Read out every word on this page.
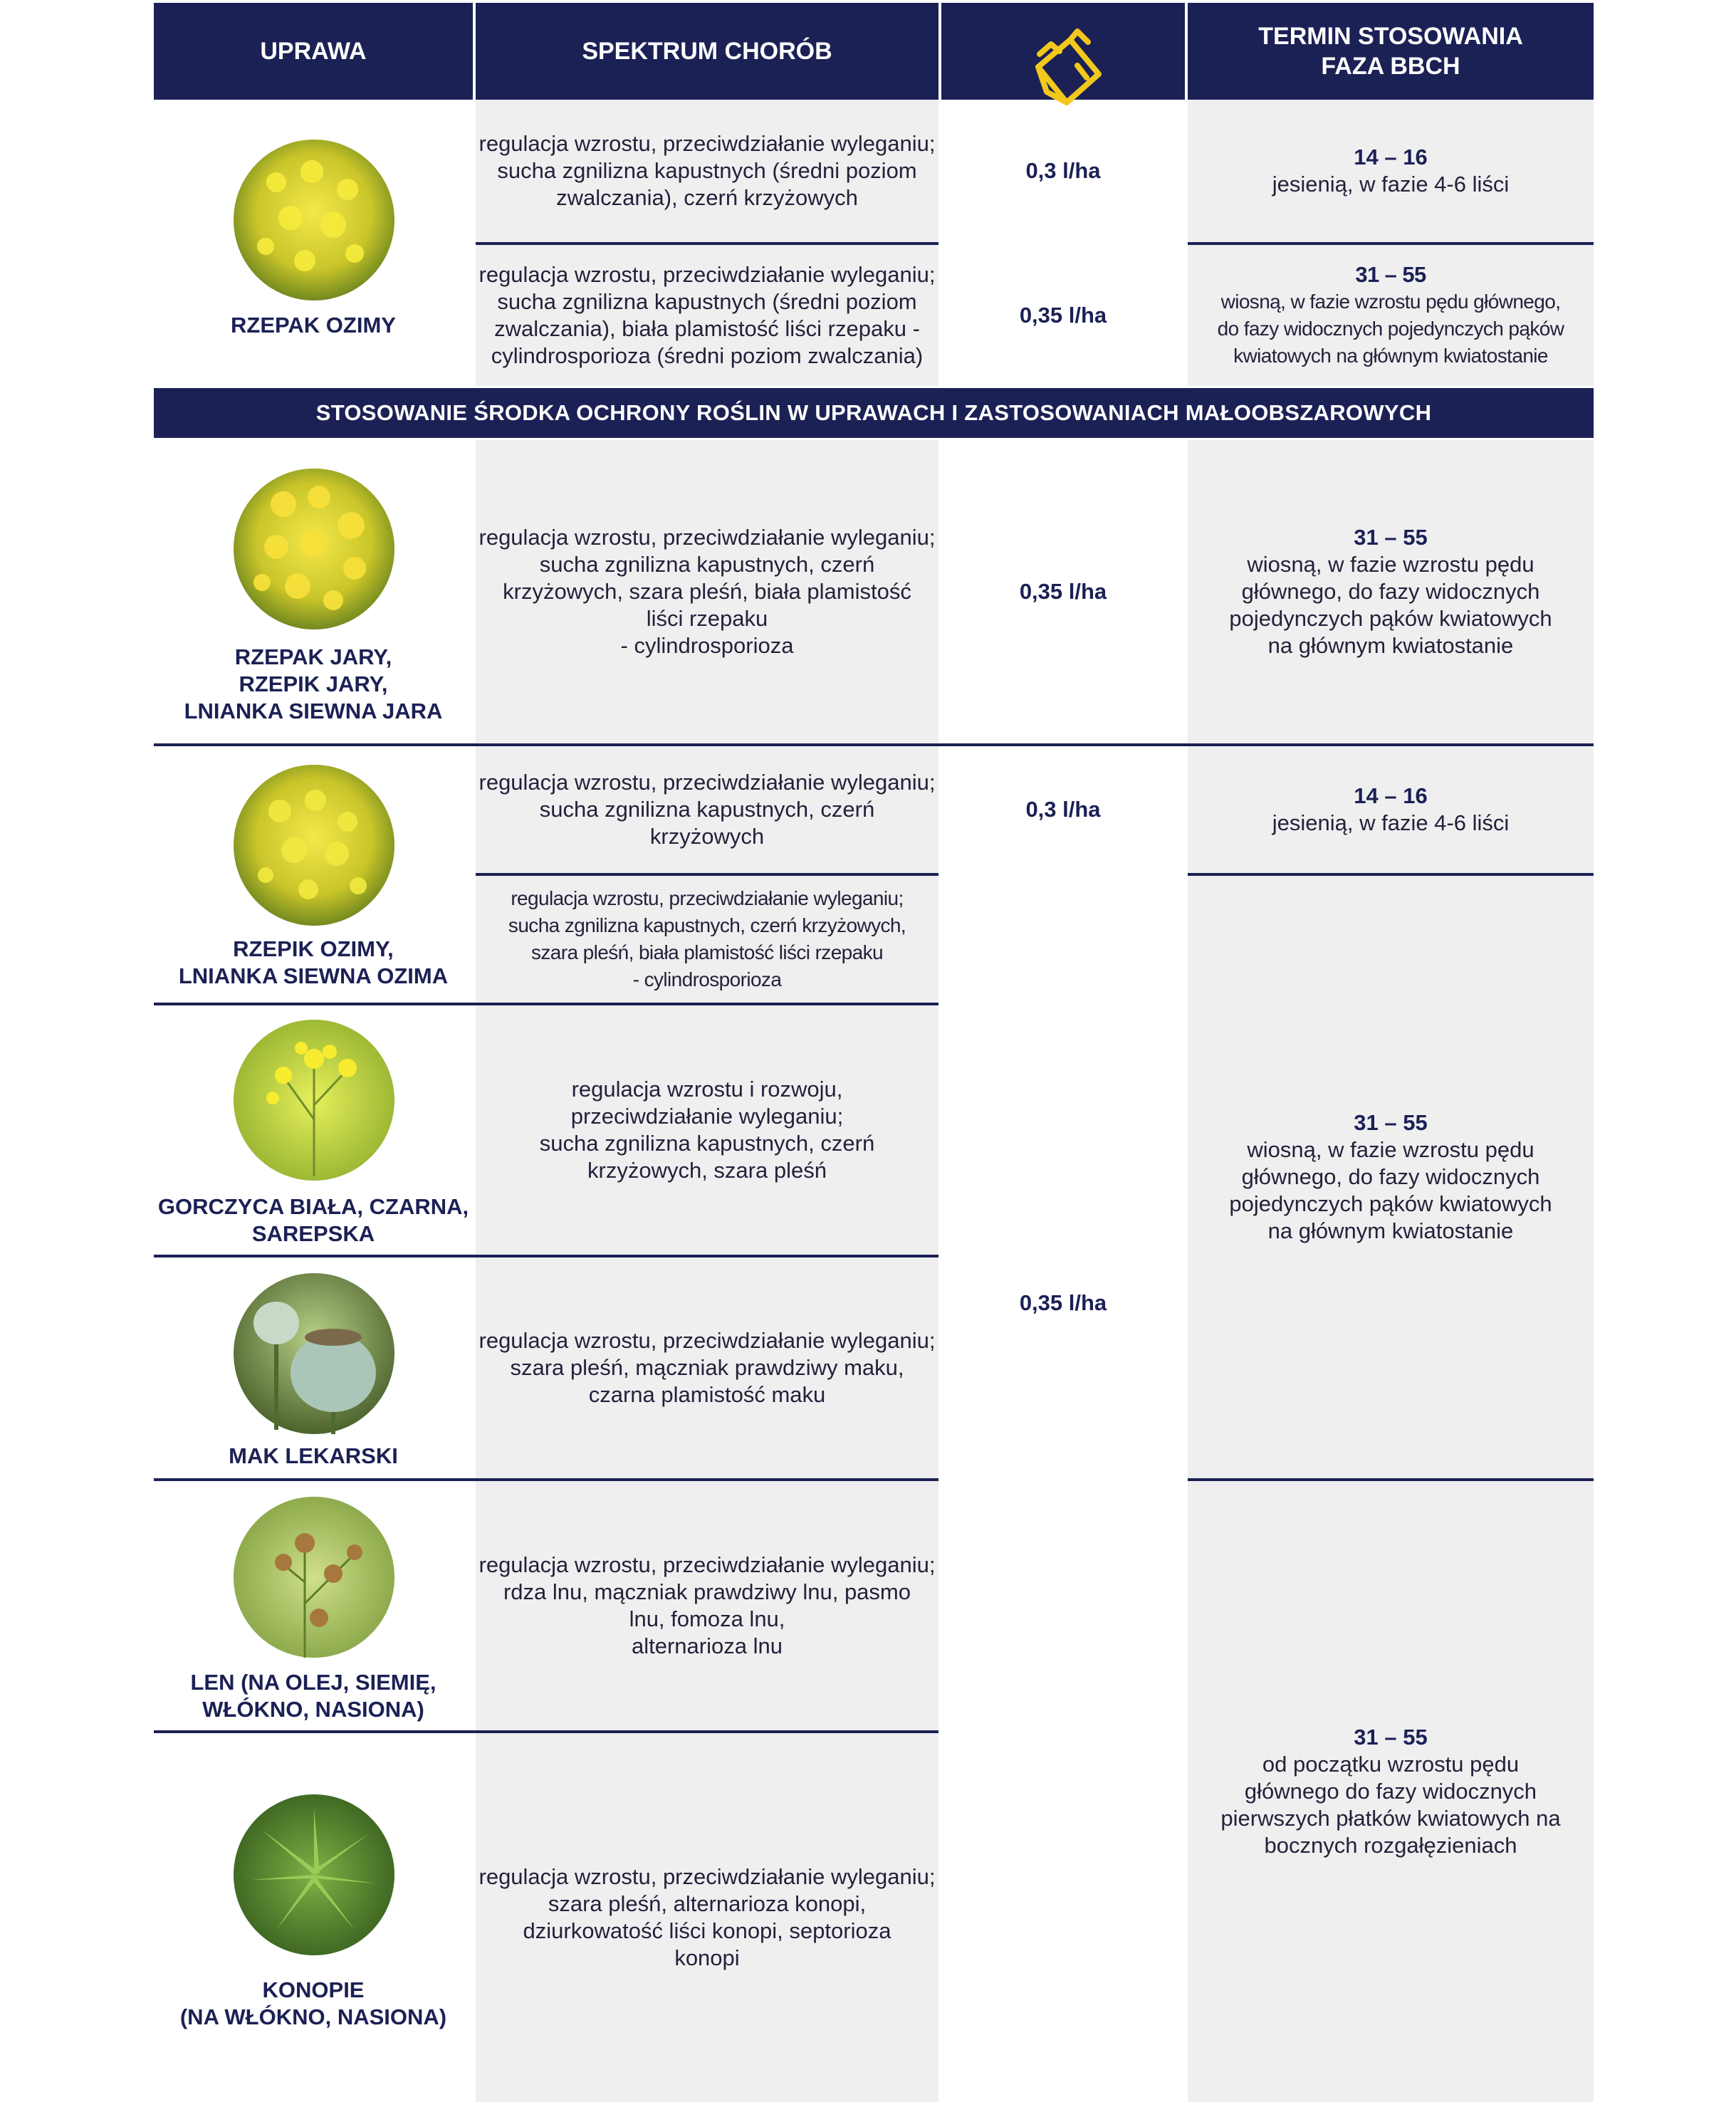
UPRAWA	SPEKTRUM CHORÓB
TERMIN STOSOWANIA
FAZA BBCH
RZEPAK OZIMY
regulacja wzrostu, przeciwdziałanie wyleganiu;
sucha zgnilizna kapustnych (średni poziom
zwalczania), czerń krzyżowych
0,3 l/ha
14 – 16
jesienią, w fazie 4-6 liści
regulacja wzrostu, przeciwdziałanie wyleganiu;
sucha zgnilizna kapustnych (średni poziom
zwalczania), biała plamistość liści rzepaku -
cylindrosporioza (średni poziom zwalczania)
0,35 l/ha
31 – 55
wiosną, w fazie wzrostu pędu głównego,
do fazy widocznych pojedynczych pąków
kwiatowych na głównym kwiatostanie
STOSOWANIE ŚRODKA OCHRONY ROŚLIN W UPRAWACH I ZASTOSOWANIACH MAŁOOBSZAROWYCH
RZEPAK JARY,
RZEPIK JARY,
LNIANKA SIEWNA JARA
regulacja wzrostu, przeciwdziałanie wyleganiu;
sucha zgnilizna kapustnych, czerń
krzyżowych, szara pleśń, biała plamistość
liści rzepaku
- cylindrosporioza
0,35 l/ha
31 – 55
wiosną, w fazie wzrostu pędu
głównego, do fazy widocznych
pojedynczych pąków kwiatowych
na głównym kwiatostanie
RZEPIK OZIMY,
LNIANKA SIEWNA OZIMA
regulacja wzrostu, przeciwdziałanie wyleganiu;
sucha zgnilizna kapustnych, czerń
krzyżowych
0,3 l/ha
14 – 16
jesienią, w fazie 4-6 liści
regulacja wzrostu, przeciwdziałanie wyleganiu;
sucha zgnilizna kapustnych, czerń krzyżowych,
szara pleśń, biała plamistość liści rzepaku
- cylindrosporioza
GORCZYCA BIAŁA, CZARNA,
SAREPSKA
regulacja wzrostu i rozwoju,
przeciwdziałanie wyleganiu;
sucha zgnilizna kapustnych, czerń
krzyżowych, szara pleśń
MAK LEKARSKI
regulacja wzrostu, przeciwdziałanie wyleganiu;
szara pleśń, mączniak prawdziwy maku,
czarna plamistość maku
0,35 l/ha
31 – 55
wiosną, w fazie wzrostu pędu
głównego, do fazy widocznych
pojedynczych pąków kwiatowych
na głównym kwiatostanie
LEN (NA OLEJ, SIEMIĘ,
WŁÓKNO, NASIONA)
regulacja wzrostu, przeciwdziałanie wyleganiu;
rdza lnu, mączniak prawdziwy lnu, pasmo
lnu, fomoza lnu,
alternarioza lnu
KONOPIE
(NA WŁÓKNO, NASIONA)
regulacja wzrostu, przeciwdziałanie wyleganiu;
szara pleśń, alternarioza konopi,
dziurkowatość liści konopi, septorioza
konopi
31 – 55
od początku wzrostu pędu
głównego do fazy widocznych
pierwszych płatków kwiatowych na
bocznych rozgałęzieniach
